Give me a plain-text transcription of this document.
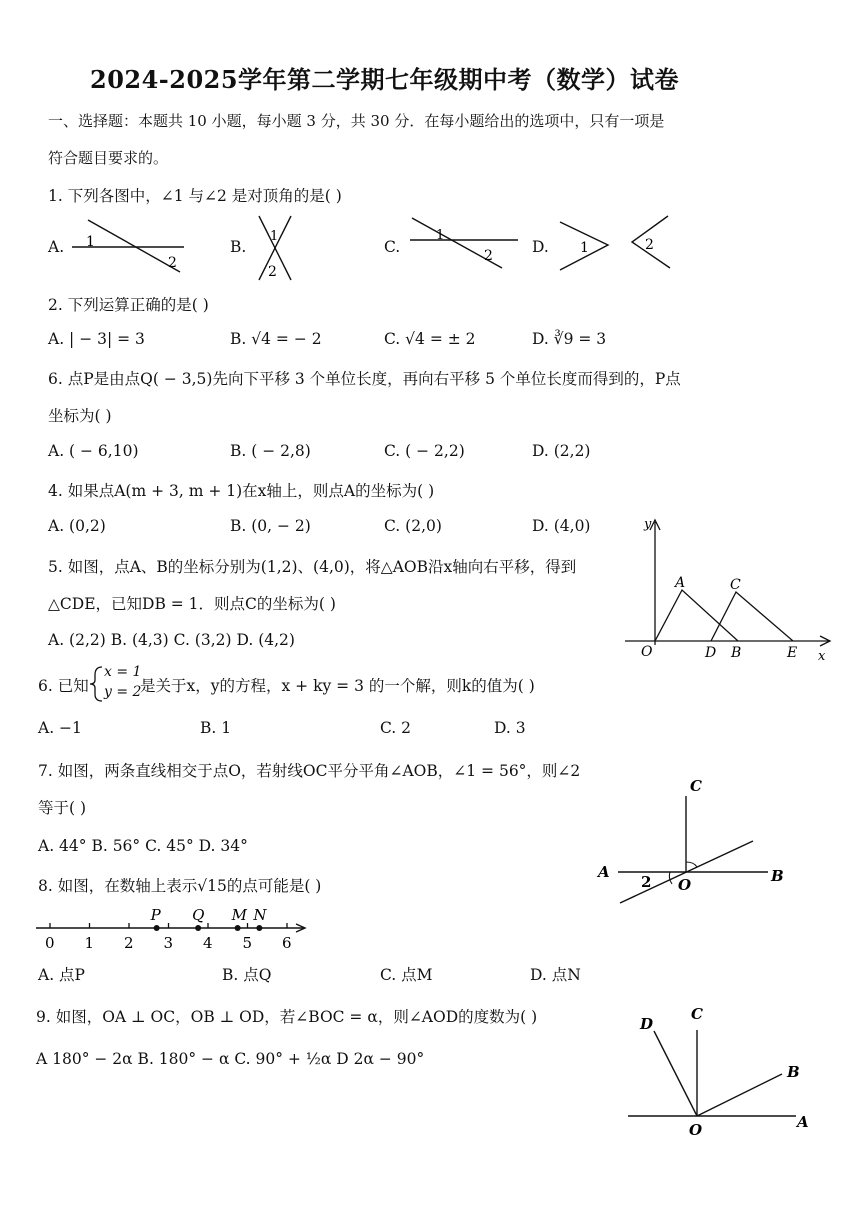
2024-2025学年第二学期七年级期中考（数学）试卷
一、选择题：本题共 10 小题，每小题 3 分，共 30 分．在每小题给出的选项中，只有一项是
符合题目要求的。
1. 下列各图中，∠1 与∠2 是对顶角的是( )
A.	B.	C.	D.
1
2
1
2
1
2	1	2
2. 下列运算正确的是( )
A. | − 3| = 3	B. √4 = − 2	C. √4 = ± 2	D. ∛9 = 3
6. 点P是由点Q( − 3,5)先向下平移 3 个单位长度，再向右平移 5 个单位长度而得到的，P点
坐标为( )
A. ( − 6,10)	B. ( − 2,8)	C. ( − 2,2)	D. (2,2)
4. 如果点A(m + 3, m + 1)在x轴上，则点A的坐标为( )
A. (0,2)	B. (0, − 2)	C. (2,0)	D. (4,0)
5. 如图，点A、B的坐标分别为(1,2)、(4,0)，将△AOB沿x轴向右平移，得到
△CDE，已知DB = 1．则点C的坐标为( )
A. (2,2) B. (4,3) C. (3,2) D. (4,2)
y
x
O
A	C
D B	E
6. 已知
x = 1
y = 2
是关于x，y的方程，x + ky = 3 的一个解，则k的值为( )
A. −1	B. 1	C. 2	D. 3
7. 如图，两条直线相交于点O，若射线OC平分平角∠AOB，∠1 = 56°，则∠2
等于( )
A. 44° B. 56° C. 45° D. 34°
C
A	B
O
2
8. 如图，在数轴上表示√15的点可能是( )
0 1 2 3 4 5 6
P Q M N
A. 点P	B. 点Q	C. 点M	D. 点N
9. 如图，OA ⊥ OC，OB ⊥ OD，若∠BOC = α，则∠AOD的度数为( )
A 180° − 2α B. 180° − α C. 90° + ½α D 2α − 90°
D
C
B
O	A
